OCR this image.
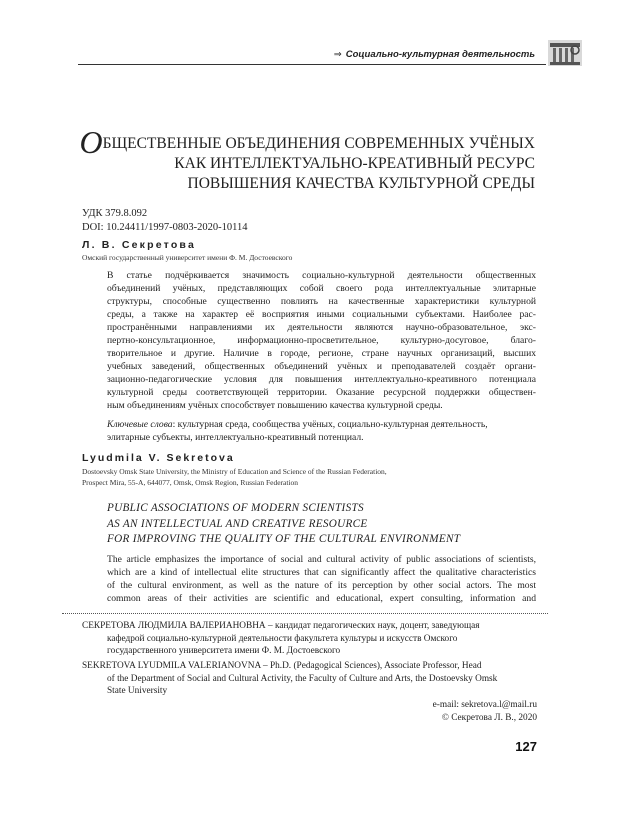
⇒ Социально-культурная деятельность
ОБЩЕСТВЕННЫЕ ОБЪЕДИНЕНИЯ СОВРЕМЕННЫХ УЧЁНЫХ
КАК ИНТЕЛЛЕКТУАЛЬНО-КРЕАТИВНЫЙ РЕСУРС
ПОВЫШЕНИЯ КАЧЕСТВА КУЛЬТУРНОЙ СРЕДЫ
УДК 379.8.092
DOI: 10.24411/1997-0803-2020-10114
Л. В. Секретова
Омский государственный университет имени Ф. М. Достоевского
В статье подчёркивается значимость социально-культурной деятельности общественных
объединений учёных, представляющих собой своего рода интеллектуальные элитарные
структуры, способные существенно повлиять на качественные характеристики культурной
среды, а также на характер её восприятия иными социальными субъектами. Наиболее рас-
пространёнными направлениями их деятельности являются научно-образовательное, экс-
пертно-консультационное, информационно-просветительное, культурно-досуговое, благо-
творительное и другие. Наличие в городе, регионе, стране научных организаций, высших
учебных заведений, общественных объединений учёных и преподавателей создаёт органи-
зационно-педагогические условия для повышения интеллектуально-креативного потенциала
культурной среды соответствующей территории. Оказание ресурсной поддержки обществен-
ным объединениям учёных способствует повышению качества культурной среды.
Ключевые слова: культурная среда, сообщества учёных, социально-культурная деятельность,
элитарные субъекты, интеллектуально-креативный потенциал.
Lyudmila V. Sekretova
Dostoevsky Omsk State University, the Ministry of Education and Science of the Russian Federation,
Prospect Mira, 55-A, 644077, Omsk, Omsk Region, Russian Federation
PUBLIC ASSOCIATIONS OF MODERN SCIENTISTS
AS AN INTELLECTUAL AND CREATIVE RESOURCE
FOR IMPROVING THE QUALITY OF THE CULTURAL ENVIRONMENT
The article emphasizes the importance of social and cultural activity of public associations of scientists,
which are a kind of intellectual elite structures that can significantly affect the qualitative characteristics
of the cultural environment, as well as the nature of its perception by other social actors. The most
common areas of their activities are scientific and educational, expert consulting, information and
СЕКРЕТОВА ЛЮДМИЛА ВАЛЕРИАНОВНА – кандидат педагогических наук, доцент, заведующая
кафедрой социально-культурной деятельности факультета культуры и искусств Омского
государственного университета имени Ф. М. Достоевского
SEKRETOVA LYUDMILA VALERIANOVNA – Ph.D. (Pedagogical Sciences), Associate Professor, Head
of the Department of Social and Cultural Activity, the Faculty of Culture and Arts, the Dostoevsky Omsk
State University
e-mail: sekretova.l@mail.ru
© Секретова Л. В., 2020
127
